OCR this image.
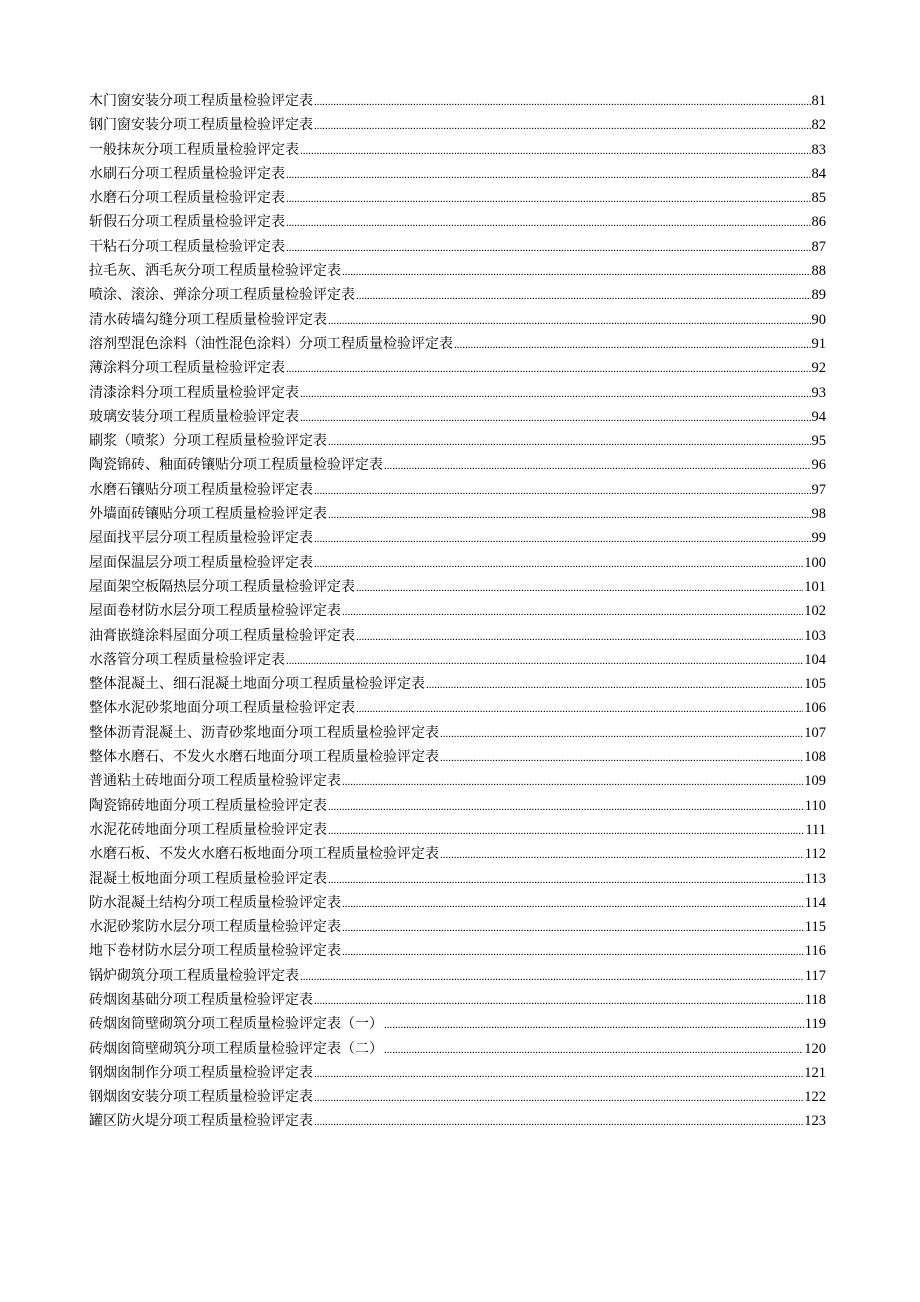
木门窗安装分项工程质量检验评定表 .....	81
钢门窗安装分项工程质量检验评定表 .....	82
一般抹灰分项工程质量检验评定表 .....	83
水刷石分项工程质量检验评定表 .....	84
水磨石分项工程质量检验评定表 .....	85
斩假石分项工程质量检验评定表 .....	86
干粘石分项工程质量检验评定表 .....	87
拉毛灰、洒毛灰分项工程质量检验评定表 .....	88
喷涂、滚涂、弹涂分项工程质量检验评定表 .....	89
清水砖墙勾缝分项工程质量检验评定表 .....	90
溶剂型混色涂料（油性混色涂料）分项工程质量检验评定表 .....	91
薄涂料分项工程质量检验评定表 .....	92
清漆涂料分项工程质量检验评定表 .....	93
玻璃安装分项工程质量检验评定表 .....	94
刷浆（喷浆）分项工程质量检验评定表 .....	95
陶瓷锦砖、釉面砖镶贴分项工程质量检验评定表 .....	96
水磨石镶贴分项工程质量检验评定表 .....	97
外墙面砖镶贴分项工程质量检验评定表 .....	98
屋面找平层分项工程质量检验评定表 .....	99
屋面保温层分项工程质量检验评定表 .....	100
屋面架空板隔热层分项工程质量检验评定表 .....	101
屋面卷材防水层分项工程质量检验评定表 .....	102
油膏嵌缝涂料屋面分项工程质量检验评定表 .....	103
水落管分项工程质量检验评定表 .....	104
整体混凝土、细石混凝土地面分项工程质量检验评定表 .....	105
整体水泥砂浆地面分项工程质量检验评定表 .....	106
整体沥青混凝土、沥青砂浆地面分项工程质量检验评定表 .....	107
整体水磨石、不发火水磨石地面分项工程质量检验评定表 .....	108
普通粘土砖地面分项工程质量检验评定表 .....	109
陶瓷锦砖地面分项工程质量检验评定表 .....	110
水泥花砖地面分项工程质量检验评定表 .....	111
水磨石板、不发火水磨石板地面分项工程质量检验评定表 .....	112
混凝土板地面分项工程质量检验评定表 .....	113
防水混凝土结构分项工程质量检验评定表 .....	114
水泥砂浆防水层分项工程质量检验评定表 .....	115
地下卷材防水层分项工程质量检验评定表 .....	116
锅炉砌筑分项工程质量检验评定表 .....	117
砖烟囱基础分项工程质量检验评定表 .....	118
砖烟囱筒壁砌筑分项工程质量检验评定表（一） .....	119
砖烟囱筒壁砌筑分项工程质量检验评定表（二） .....	120
钢烟囱制作分项工程质量检验评定表 .....	121
钢烟囱安装分项工程质量检验评定表 .....	122
罐区防火堤分项工程质量检验评定表 .....	123
